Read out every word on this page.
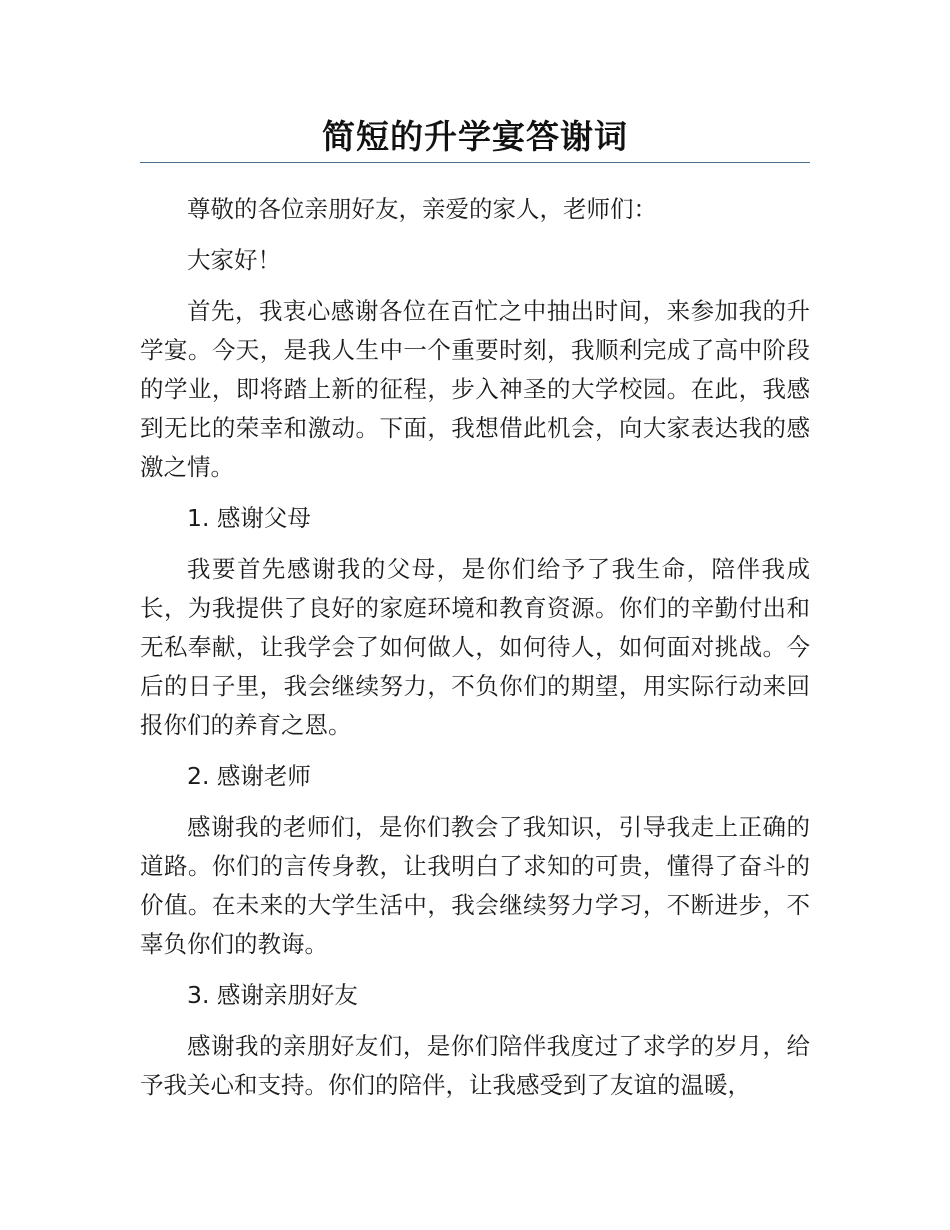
简短的升学宴答谢词

尊敬的各位亲朋好友，亲爱的家人，老师们：

大家好！

首先，我衷心感谢各位在百忙之中抽出时间，来参加我的升学宴。今天，是我人生中一个重要时刻，我顺利完成了高中阶段的学业，即将踏上新的征程，步入神圣的大学校园。在此，我感到无比的荣幸和激动。下面，我想借此机会，向大家表达我的感激之情。

1. 感谢父母

我要首先感谢我的父母，是你们给予了我生命，陪伴我成长，为我提供了良好的家庭环境和教育资源。你们的辛勤付出和无私奉献，让我学会了如何做人，如何待人，如何面对挑战。今后的日子里，我会继续努力，不负你们的期望，用实际行动来回报你们的养育之恩。

2. 感谢老师

感谢我的老师们，是你们教会了我知识，引导我走上正确的道路。你们的言传身教，让我明白了求知的可贵，懂得了奋斗的价值。在未来的大学生活中，我会继续努力学习，不断进步，不辜负你们的教诲。

3. 感谢亲朋好友

感谢我的亲朋好友们，是你们陪伴我度过了求学的岁月，给予我关心和支持。你们的陪伴，让我感受到了友谊的温暖，
